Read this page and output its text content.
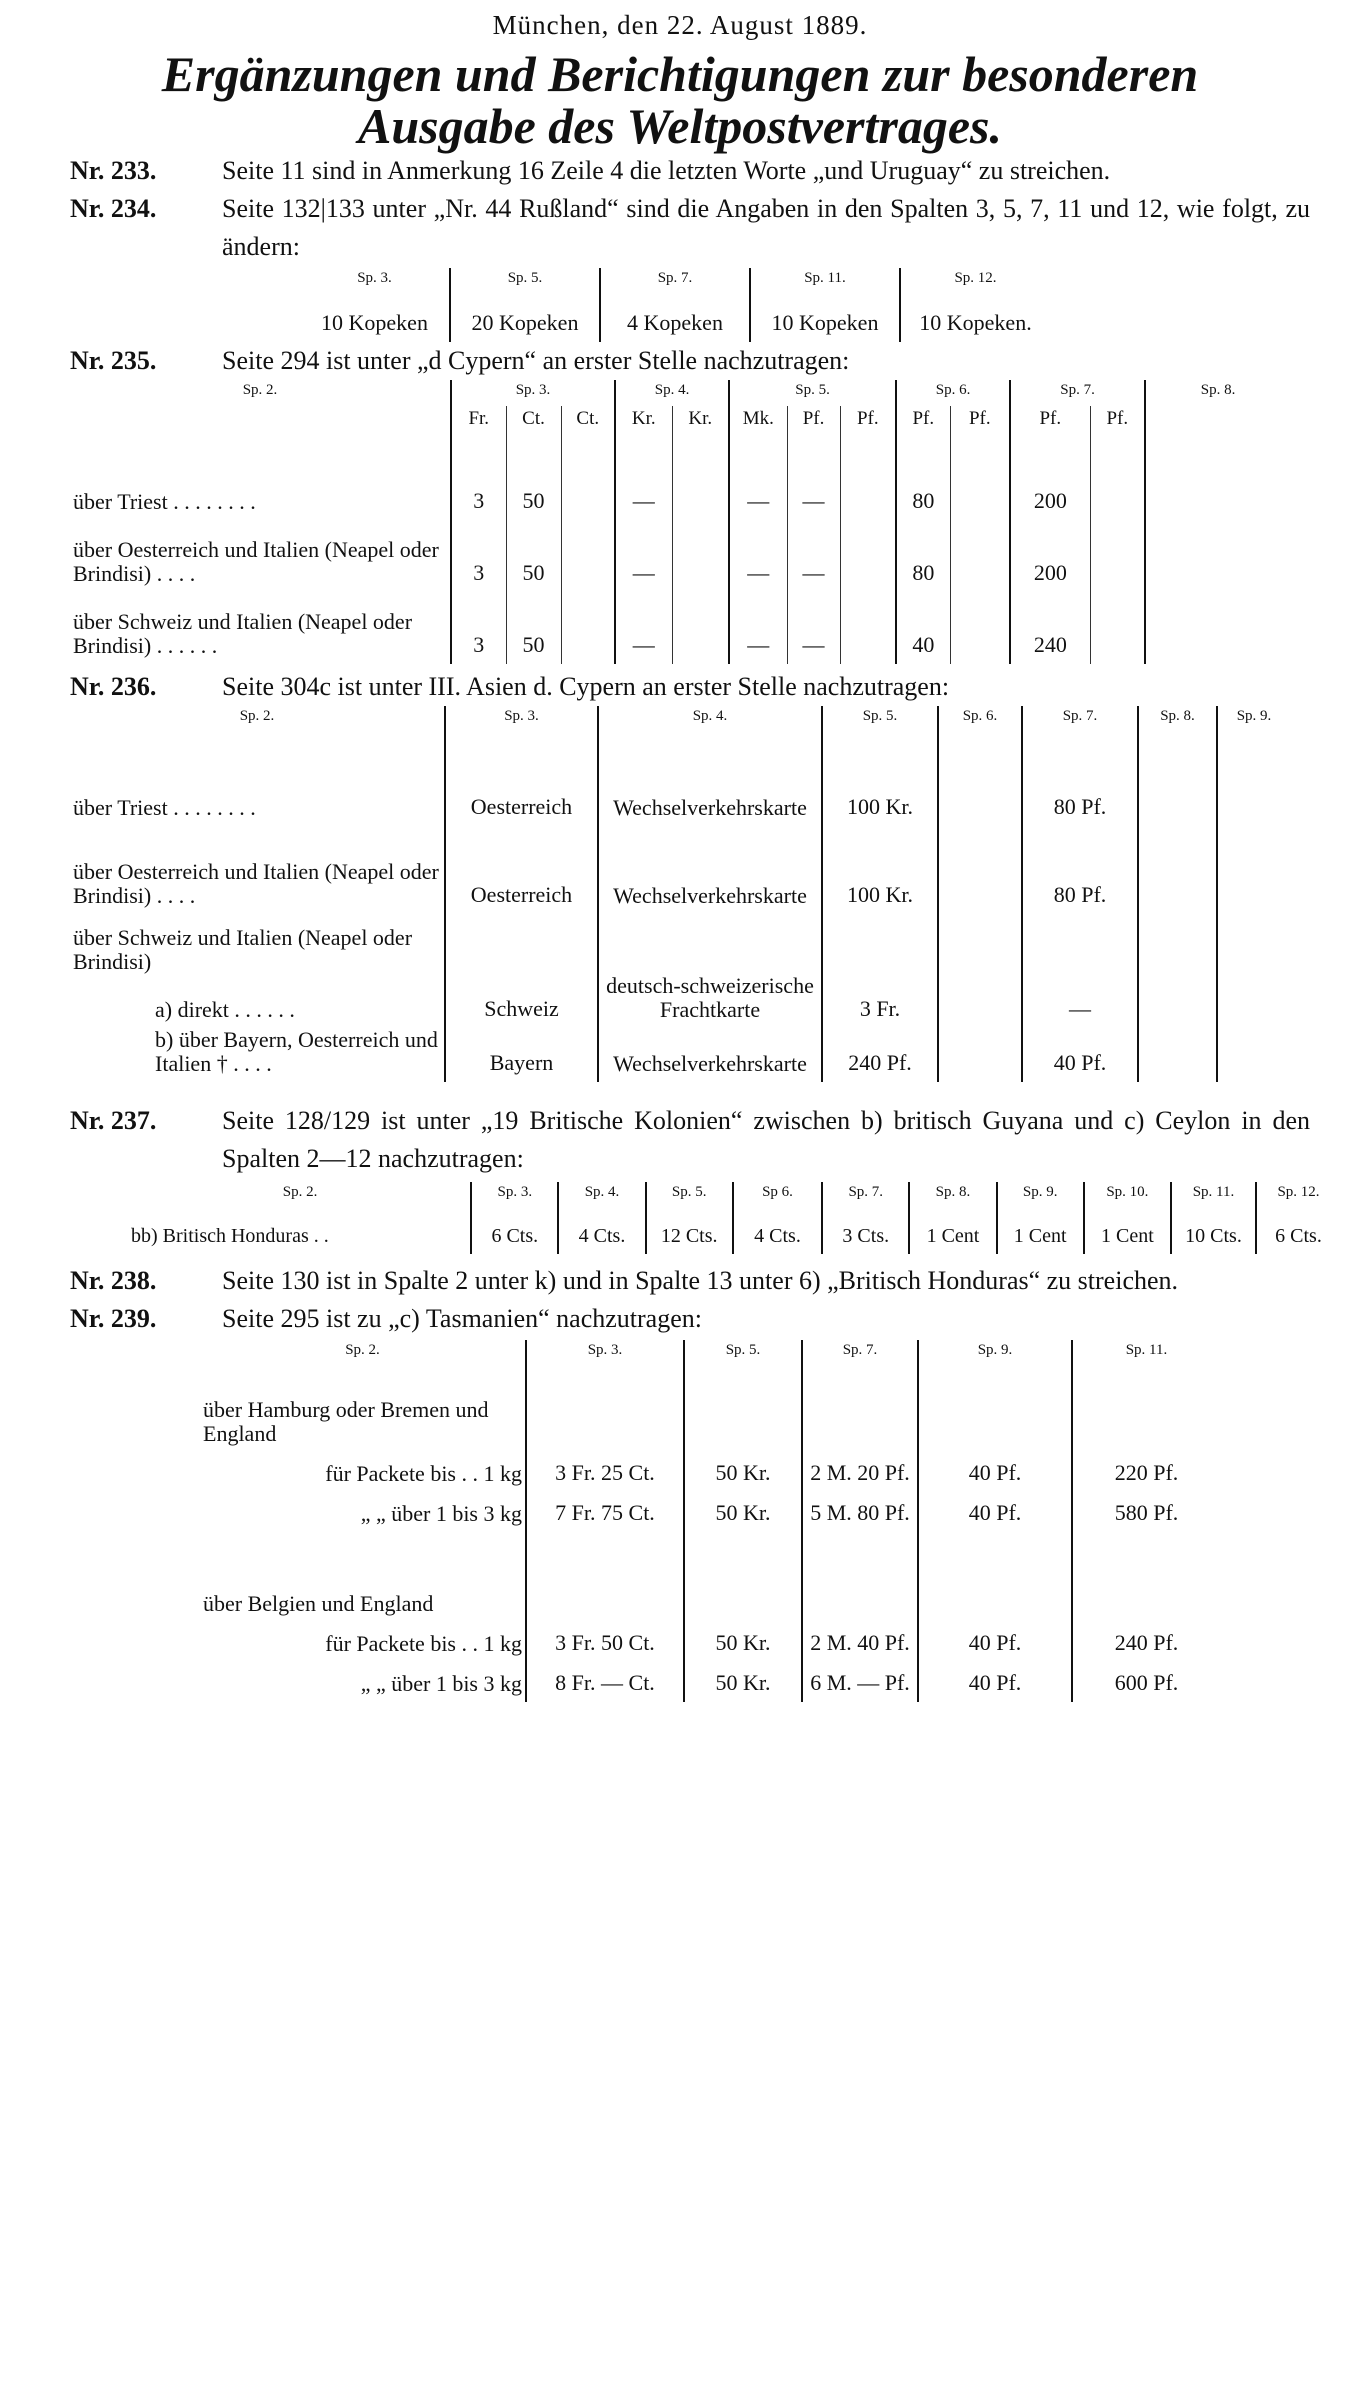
München, den 22. August 1889.
Ergänzungen und Berichtigungen zur besonderen
Ausgabe des Weltpostvertrages.
Nr. 233.	Seite 11 sind in Anmerkung 16 Zeile 4 die letzten Worte „und Uruguay“ zu streichen.
Nr. 234.	Seite 132|133 unter „Nr. 44 Rußland“ sind die Angaben in den Spalten 3, 5, 7, 11 und 12, wie folgt, zu ändern:
Sp. 3.	Sp. 5.	Sp. 7.	Sp. 11.	Sp. 12.
10 Kopeken	20 Kopeken	4 Kopeken	10 Kopeken	10 Kopeken.
Nr. 235.	Seite 294 ist unter „d Cypern“ an erster Stelle nachzutragen:
Sp. 2.	Sp. 3.			Sp. 4.		Sp. 5.			Sp. 6.		Sp. 7.		Sp. 8.
	Fr.	Ct.	Ct.	Kr.	Kr.	Mk.	Pf.	Pf.	Pf.	Pf.	Pf.	Pf.	
über Triest . . . . . . . .	3	50		—		—	—		80		200		
über Oesterreich und Italien (Neapel oder Brindisi) . . . .	3	50		—		—	—		80		200		
über Schweiz und Italien (Neapel oder Brindisi) . . . . . .	3	50		—		—	—		40		240		
Nr. 236.	Seite 304c ist unter III. Asien d. Cypern an erster Stelle nachzutragen:
Sp. 2.	Sp. 3.	Sp. 4.	Sp. 5.	Sp. 6.	Sp. 7.	Sp. 8.	Sp. 9.
über Triest . . . . . . . .	Oesterreich	Wechselverkehrskarte	100 Kr.		80 Pf.		
über Oesterreich und Italien (Neapel oder Brindisi) . . . .	Oesterreich	Wechselverkehrskarte	100 Kr.		80 Pf.		
über Schweiz und Italien (Neapel oder Brindisi)							
a) direkt . . . . . .	Schweiz	deutsch-schweizerische Frachtkarte	3 Fr.		—		
b) über Bayern, Oesterreich und Italien † . . . .	Bayern	Wechselverkehrskarte	240 Pf.		40 Pf.		
Nr. 237.	Seite 128/129 ist unter „19 Britische Kolonien“ zwischen b) britisch Guyana und c) Ceylon in den Spalten 2—12 nachzutragen:
Sp. 2.	Sp. 3.	Sp. 4.	Sp. 5.	Sp 6.	Sp. 7.	Sp. 8.	Sp. 9.	Sp. 10.	Sp. 11.	Sp. 12.
bb) Britisch Honduras . .	6 Cts.	4 Cts.	12 Cts.	4 Cts.	3 Cts.	1 Cent	1 Cent	1 Cent	10 Cts.	6 Cts.
Nr. 238.	Seite 130 ist in Spalte 2 unter k) und in Spalte 13 unter 6) „Britisch Honduras“ zu streichen.
Nr. 239.	Seite 295 ist zu „c) Tasmanien“ nachzutragen:
Sp. 2.	Sp. 3.	Sp. 5.	Sp. 7.	Sp. 9.	Sp. 11.
über Hamburg oder Bremen und England					
für Packete bis . . 1 kg	3 Fr. 25 Ct.	50 Kr.	2 M. 20 Pf.	40 Pf.	220 Pf.
„ „ über 1 bis 3 kg	7 Fr. 75 Ct.	50 Kr.	5 M. 80 Pf.	40 Pf.	580 Pf.

über Belgien und England					
für Packete bis . . 1 kg	3 Fr. 50 Ct.	50 Kr.	2 M. 40 Pf.	40 Pf.	240 Pf.
„ „ über 1 bis 3 kg	8 Fr. — Ct.	50 Kr.	6 M. — Pf.	40 Pf.	600 Pf.
